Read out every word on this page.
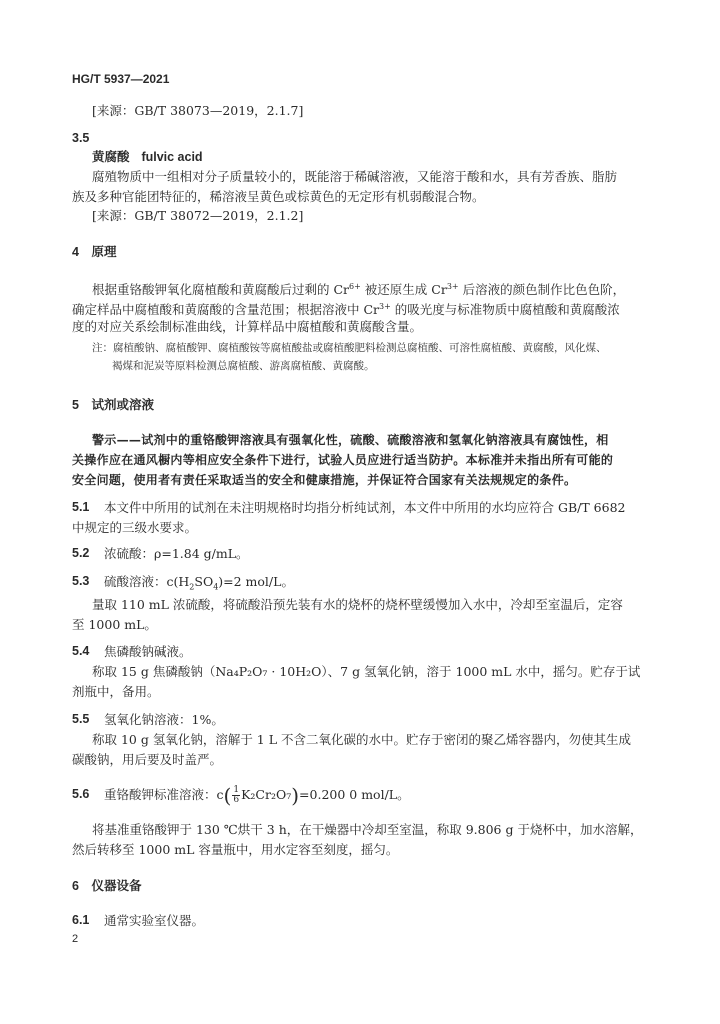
HG/T 5937—2021
[来源：GB/T 38073—2019，2.1.7]
3.5
黄腐酸 fulvic acid
腐殖物质中一组相对分子质量较小的，既能溶于稀碱溶液，又能溶于酸和水，具有芳香族、脂肪
族及多种官能团特征的，稀溶液呈黄色或棕黄色的无定形有机弱酸混合物。
[来源：GB/T 38072—2019，2.1.2]
4　原理
根据重铬酸钾氧化腐植酸和黄腐酸后过剩的 $Cr^{6+}$ 被还原生成 $Cr^{3+}$ 后溶液的颜色制作比色色阶，
确定样品中腐植酸和黄腐酸的含量范围；根据溶液中 $Cr^{3+}$ 的吸光度与标准物质中腐植酸和黄腐酸浓
度的对应关系绘制标准曲线，计算样品中腐植酸和黄腐酸含量。
注：腐植酸钠、腐植酸钾、腐植酸铵等腐植酸盐或腐植酸肥料检测总腐植酸、可溶性腐植酸、黄腐酸，风化煤、
褐煤和泥炭等原料检测总腐植酸、游离腐植酸、黄腐酸。
5　试剂或溶液
警示——试剂中的重铬酸钾溶液具有强氧化性，硫酸、硫酸溶液和氢氧化钠溶液具有腐蚀性，相
关操作应在通风橱内等相应安全条件下进行，试验人员应进行适当防护。本标准并未指出所有可能的
安全问题，使用者有责任采取适当的安全和健康措施，并保证符合国家有关法规规定的条件。
5.1 本文件中所用的试剂在未注明规格时均指分析纯试剂，本文件中所用的水均应符合 GB/T 6682
中规定的三级水要求。
5.2 浓硫酸：ρ=1.84 g/mL。
5.3 硫酸溶液：$c(H_2SO_4)=2$ mol/L。
量取 110 mL 浓硫酸，将硫酸沿预先装有水的烧杯的烧杯壁缓慢加入水中，冷却至室温后，定容
至 1000 mL。
5.4 焦磷酸钠碱液。
称取 15 g 焦磷酸钠（Na₄P₂O₇ · 10H₂O）、7 g 氢氧化钠，溶于 1000 mL 水中，摇匀。贮存于试
剂瓶中，备用。
5.5 氢氧化钠溶液：1%。
称取 10 g 氢氧化钠，溶解于 1 L 不含二氧化碳的水中。贮存于密闭的聚乙烯容器内，勿使其生成
碳酸钠，用后要及时盖严。
5.6 重铬酸钾标准溶液：$c( \frac{1}{6} K_2Cr_2O_7)=0.200$ 0 mol/L。
将基准重铬酸钾于 130 ℃烘干 3 h，在干燥器中冷却至室温，称取 9.806 g 于烧杯中，加水溶解，
然后转移至 1000 mL 容量瓶中，用水定容至刻度，摇匀。
6　仪器设备
6.1 通常实验室仪器。
2
